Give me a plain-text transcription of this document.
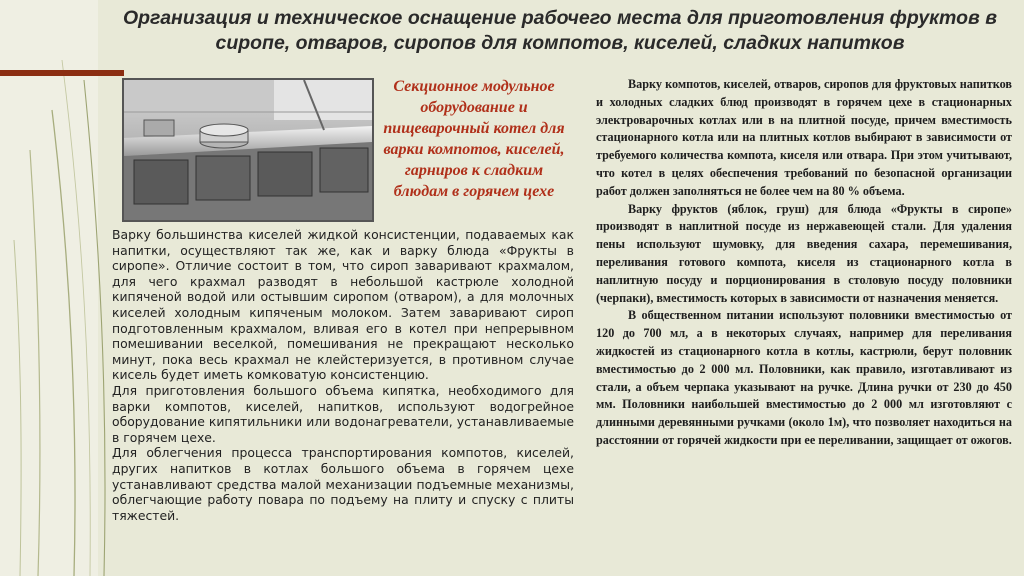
Организация и техническое оснащение рабочего места для приготовления фруктов в сиропе, отваров, сиропов для компотов, киселей, сладких напитков
Секционное модульное оборудование и пищеварочный котел для варки компотов, киселей, гарниров к сладким блюдам в горячем цехе

Варку большинства киселей жидкой консистенции, подаваемых как напитки, осуществляют так же, как и варку блюда «Фрукты в сиропе». Отличие состоит в том, что сироп заваривают крахмалом, для чего крахмал разводят в небольшой кастрюле холодной кипяченой водой или остывшим сиропом (отваром), а для молочных киселей холодным кипяченым молоком. Затем заваривают сироп подготовленным крахмалом, вливая его в котел при непрерывном помешивании веселкой, помешивания не прекращают несколько минут, пока весь крахмал не клейстеризуется, в противном случае кисель будет иметь комковатую консистенцию.

Для приготовления большого объема кипятка, необходимого для варки компотов, киселей, напитков, используют водогрейное оборудование кипятильники или водонагреватели, устанавливаемые в горячем цехе.

Для облегчения процесса транспортирования компотов, киселей, других напитков в котлах большого объема в горячем цехе устанавливают средства малой механизации подъемные механизмы, облегчающие работу повара по подъему на плиту и спуску с плиты тяжестей.

Варку компотов, киселей, отваров, сиропов для фруктовых напитков и холодных сладких блюд производят в горячем цехе в стационарных электроварочных котлах или в на плитной посуде, причем вместимость стационарного котла или на плитных котлов выбирают в зависимости от требуемого количества компота, киселя или отвара. При этом учитывают, что котел в целях обеспечения требований по безопасной организации работ должен заполняться не более чем на 80 % объема.

Варку фруктов (яблок, груш) для блюда «Фрукты в сиропе» производят в наплитной посуде из нержавеющей стали. Для удаления пены используют шумовку, для введения сахара, перемешивания, переливания готового компота, киселя из стационарного котла в наплитную посуду и порционирования в столовую посуду половники (черпаки), вместимость которых в зависимости от назначения меняется.

В общественном питании используют половники вместимостью от 120 до 700 мл, а в некоторых случаях, например для переливания жидкостей из стационарного котла в котлы, кастрюли, берут половник вместимостью до 2 000 мл. Половники, как правило, изготавливают из стали, а объем черпака указывают на ручке. Длина ручки от 230 до 450 мм. Половники наибольшей вместимостью до 2 000 мл изготовляют с длинными деревянными ручками (около 1м), что позволяет находиться на расстоянии от горячей жидкости при ее переливании, защищает от ожогов.
